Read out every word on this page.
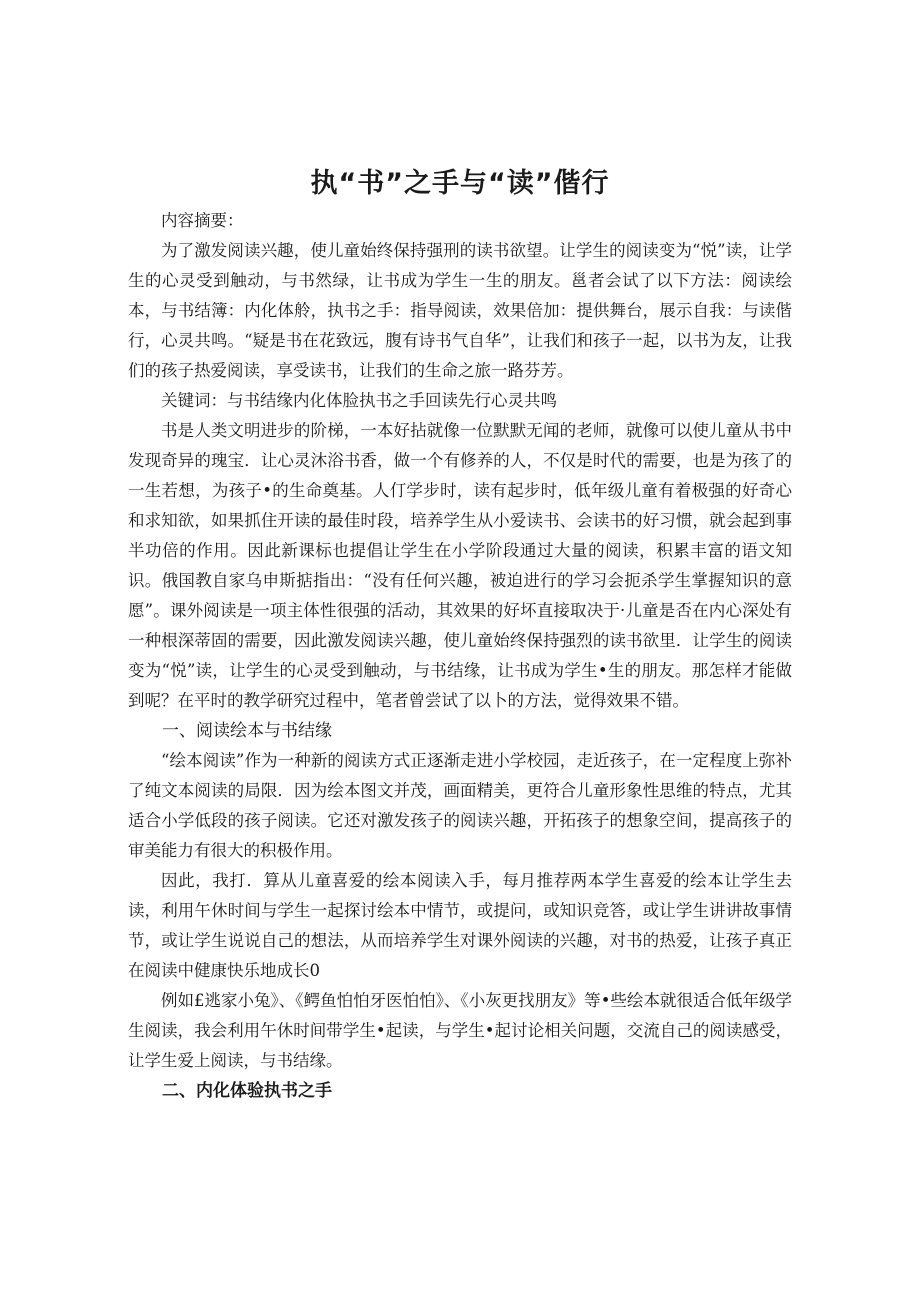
执“书”之手与“读”偕行

内容摘要：

为了激发阅读兴趣，使儿童始终保持强刑的读书欲望。让学生的阅读变为“悦”读，让学生的心灵受到触动，与书然绿，让书成为学生一生的朋友。邕者会试了以下方法：阅读绘本，与书结簿：内化体舲，执书之手：指导阅读，效果倍加：提供舞台，展示自我：与读偕行，心灵共鸣。“疑是书在花致远，腹有诗书气自华”，让我们和孩子一起，以书为友，让我们的孩子热爱阅读，享受读书，让我们的生命之旅一路芬芳。

关键词：与书结缘内化体脸执书之手回读先行心灵共鸣

书是人类文明进步的阶梯，一本好拈就像一位默默无闻的老师，就像可以使儿童从书中发现奇异的瑰宝．让心灵沐浴书香，做一个有修养的人，不仅是时代的需要，也是为孩了的一生若想，为孩子•的生命奠基。人仃学步时，读有起步时，低年级儿童有着极强的好奇心和求知欲，如果抓住开读的最佳时段，培养学生从小爱读书、会读书的好习惯，就会起到事半功倍的作用。因此新课标也提倡让学生在小学阶段通过大量的阅读，积累丰富的语文知识。俄国教自家乌申斯掂指出：“没有任何兴趣，被迫进行的学习会扼杀学生掌握知识的意愿”。课外阅读是一项主体性很强的活动，其效果的好坏直接取决于·儿童是否在内心深处有一种根深蒂固的需要，因此激发阅读兴趣，使儿童始终保持强烈的读书欲里．让学生的阅读变为“悦”读，让学生的心灵受到触动，与书结缘，让书成为学生•生的朋友。那怎样才能做到呢？在平时的教学研究过程中，笔者曾尝试了以卜的方法，觉得效果不错。

一、阅读绘本与书结缘

“绘本阅读”作为一种新的阅读方式正逐渐走进小学校园，走近孩子，在一定程度上弥补了纯文本阅读的局限．因为绘本图文并茂，画面精美，更符合儿童形象性思维的特点，尤其适合小学低段的孩子阅读。它还对激发孩子的阅读兴趣，开拓孩子的想象空间，提高孩子的审美能力有很大的积极作用。

因此，我打．算从儿童喜爱的绘本阅读入手，每月推荐两本学生喜爱的绘本让学生去读，利用午休时间与学生一起探讨绘本中情节，或提问，或知识竞答，或让学生讲讲故事情节，或让学生说说自己的想法，从而培养学生对课外阅读的兴趣，对书的热爱，让孩子真正在阅读中健康快乐地成长0

例如£逃家小兔》、《鳄鱼怕怕牙医怕怕》、《小灰更找朋友》等•些绘本就很适合低年级学生阅读，我会利用午休时间带学生•起读，与学生•起讨论相关问题，交流自己的阅读感受，让学生爱上阅读，与书结缘。

二、内化体验执书之手
